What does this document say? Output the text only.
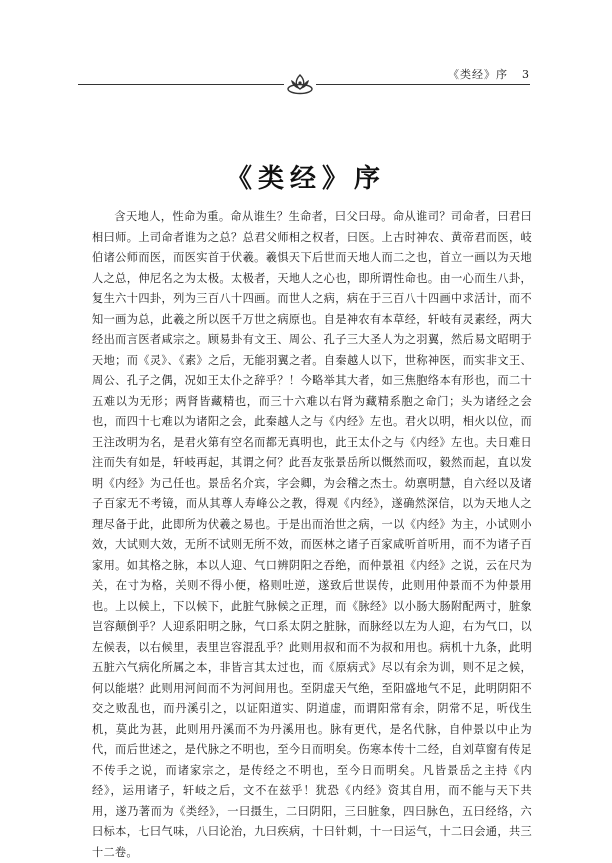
《类经》序 3
《类经》序

含天地人，性命为重。命从谁生？生命者，曰父曰母。命从谁司？司命者，曰君曰相曰师。上司命者谁为之总？总君父师相之权者，曰医。上古时神农、黄帝君而医，岐伯诸公师而医，而医实首于伏羲。羲惧天下后世而天地人而二之也，首立一画以为天地人之总，伸尼名之为太极。太极者，天地人之心也，即所谓性命也。由一心而生八卦，复生六十四卦，列为三百八十四画。而世人之病，病在于三百八十四画中求活计，而不知一画为总，此羲之所以医千万世之病原也。自是神农有本草经，轩岐有灵素经，两大经出而言医者咸宗之。顾易卦有文王、周公、孔子三大圣人为之羽翼，然后易文昭明于天地；而《灵》、《素》之后，无能羽翼之者。自秦越人以下，世称神医，而实非文王、周公、孔子之偶，况如王太仆之辞乎？！今略举其大者，如三焦胞络本有形也，而二十五难以为无形；两肾皆藏精也，而三十六难以右肾为藏精系胞之命门；头为诸经之会也，而四十七难以为诸阳之会，此秦越人之与《内经》左也。君火以明，相火以位，而王注改明为名，是君火第有空名而都无真明也，此王太仆之与《内经》左也。夫日难日注而失有如是，轩岐再起，其谓之何？此吾友张景岳所以慨然而叹，毅然而起，直以发明《内经》为己任也。景岳名介宾，字会卿，为会稽之杰士。幼禀明慧，自六经以及诸子百家无不考镜，而从其尊人寿峰公之教，得观《内经》，遂确然深信，以为天地人之理尽备于此，此即所为伏羲之易也。于是出而治世之病，一以《内经》为主，小试则小效，大试则大效，无所不试则无所不效，而医林之诸子百家咸听首听用，而不为诸子百家用。如其格之脉，本以人迎、气口辨阴阳之吞绝，而仲景祖《内经》之说，云在尺为关，在寸为格，关则不得小便，格则吐逆，遂致后世误传，此则用仲景而不为仲景用也。上以候上，下以候下，此脏气脉候之正理，而《脉经》以小肠大肠附配两寸，脏象岂容颠倒乎？人迎系阳明之脉，气口系太阴之脏脉，而脉经以左为人迎，右为气口，以左候表，以右候里，表里岂容混乱乎？此则用叔和而不为叔和用也。病机十九条，此明五脏六气病化所属之本，非皆言其太过也，而《原病式》尽以有余为训，则不足之候，何以能堪？此则用河间而不为河间用也。至阴虚天气绝，至阳盛地气不足，此明阴阳不交之败乱也，而丹溪引之，以证阳道实、阴道虚，而谓阳常有余，阴常不足，听伐生机，莫此为甚，此则用丹溪而不为丹溪用也。脉有更代，是名代脉，自仲景以中止为代，而后世述之，是代脉之不明也，至今日而明矣。伤寒本传十二经，自刘草窗有传足不传手之说，而诸家宗之，是传经之不明也，至今日而明矣。凡皆景岳之主持《内经》，运用诸子，轩岐之后，文不在兹乎！犹恐《内经》资其自用，而不能与天下共用，遂乃著而为《类经》，一曰摄生，二曰阴阳，三曰脏象，四曰脉色，五曰经络，六曰标本，七曰气味，八曰论治，九曰疾病，十曰针刺，十一曰运气，十二曰会通，共三十二卷。
